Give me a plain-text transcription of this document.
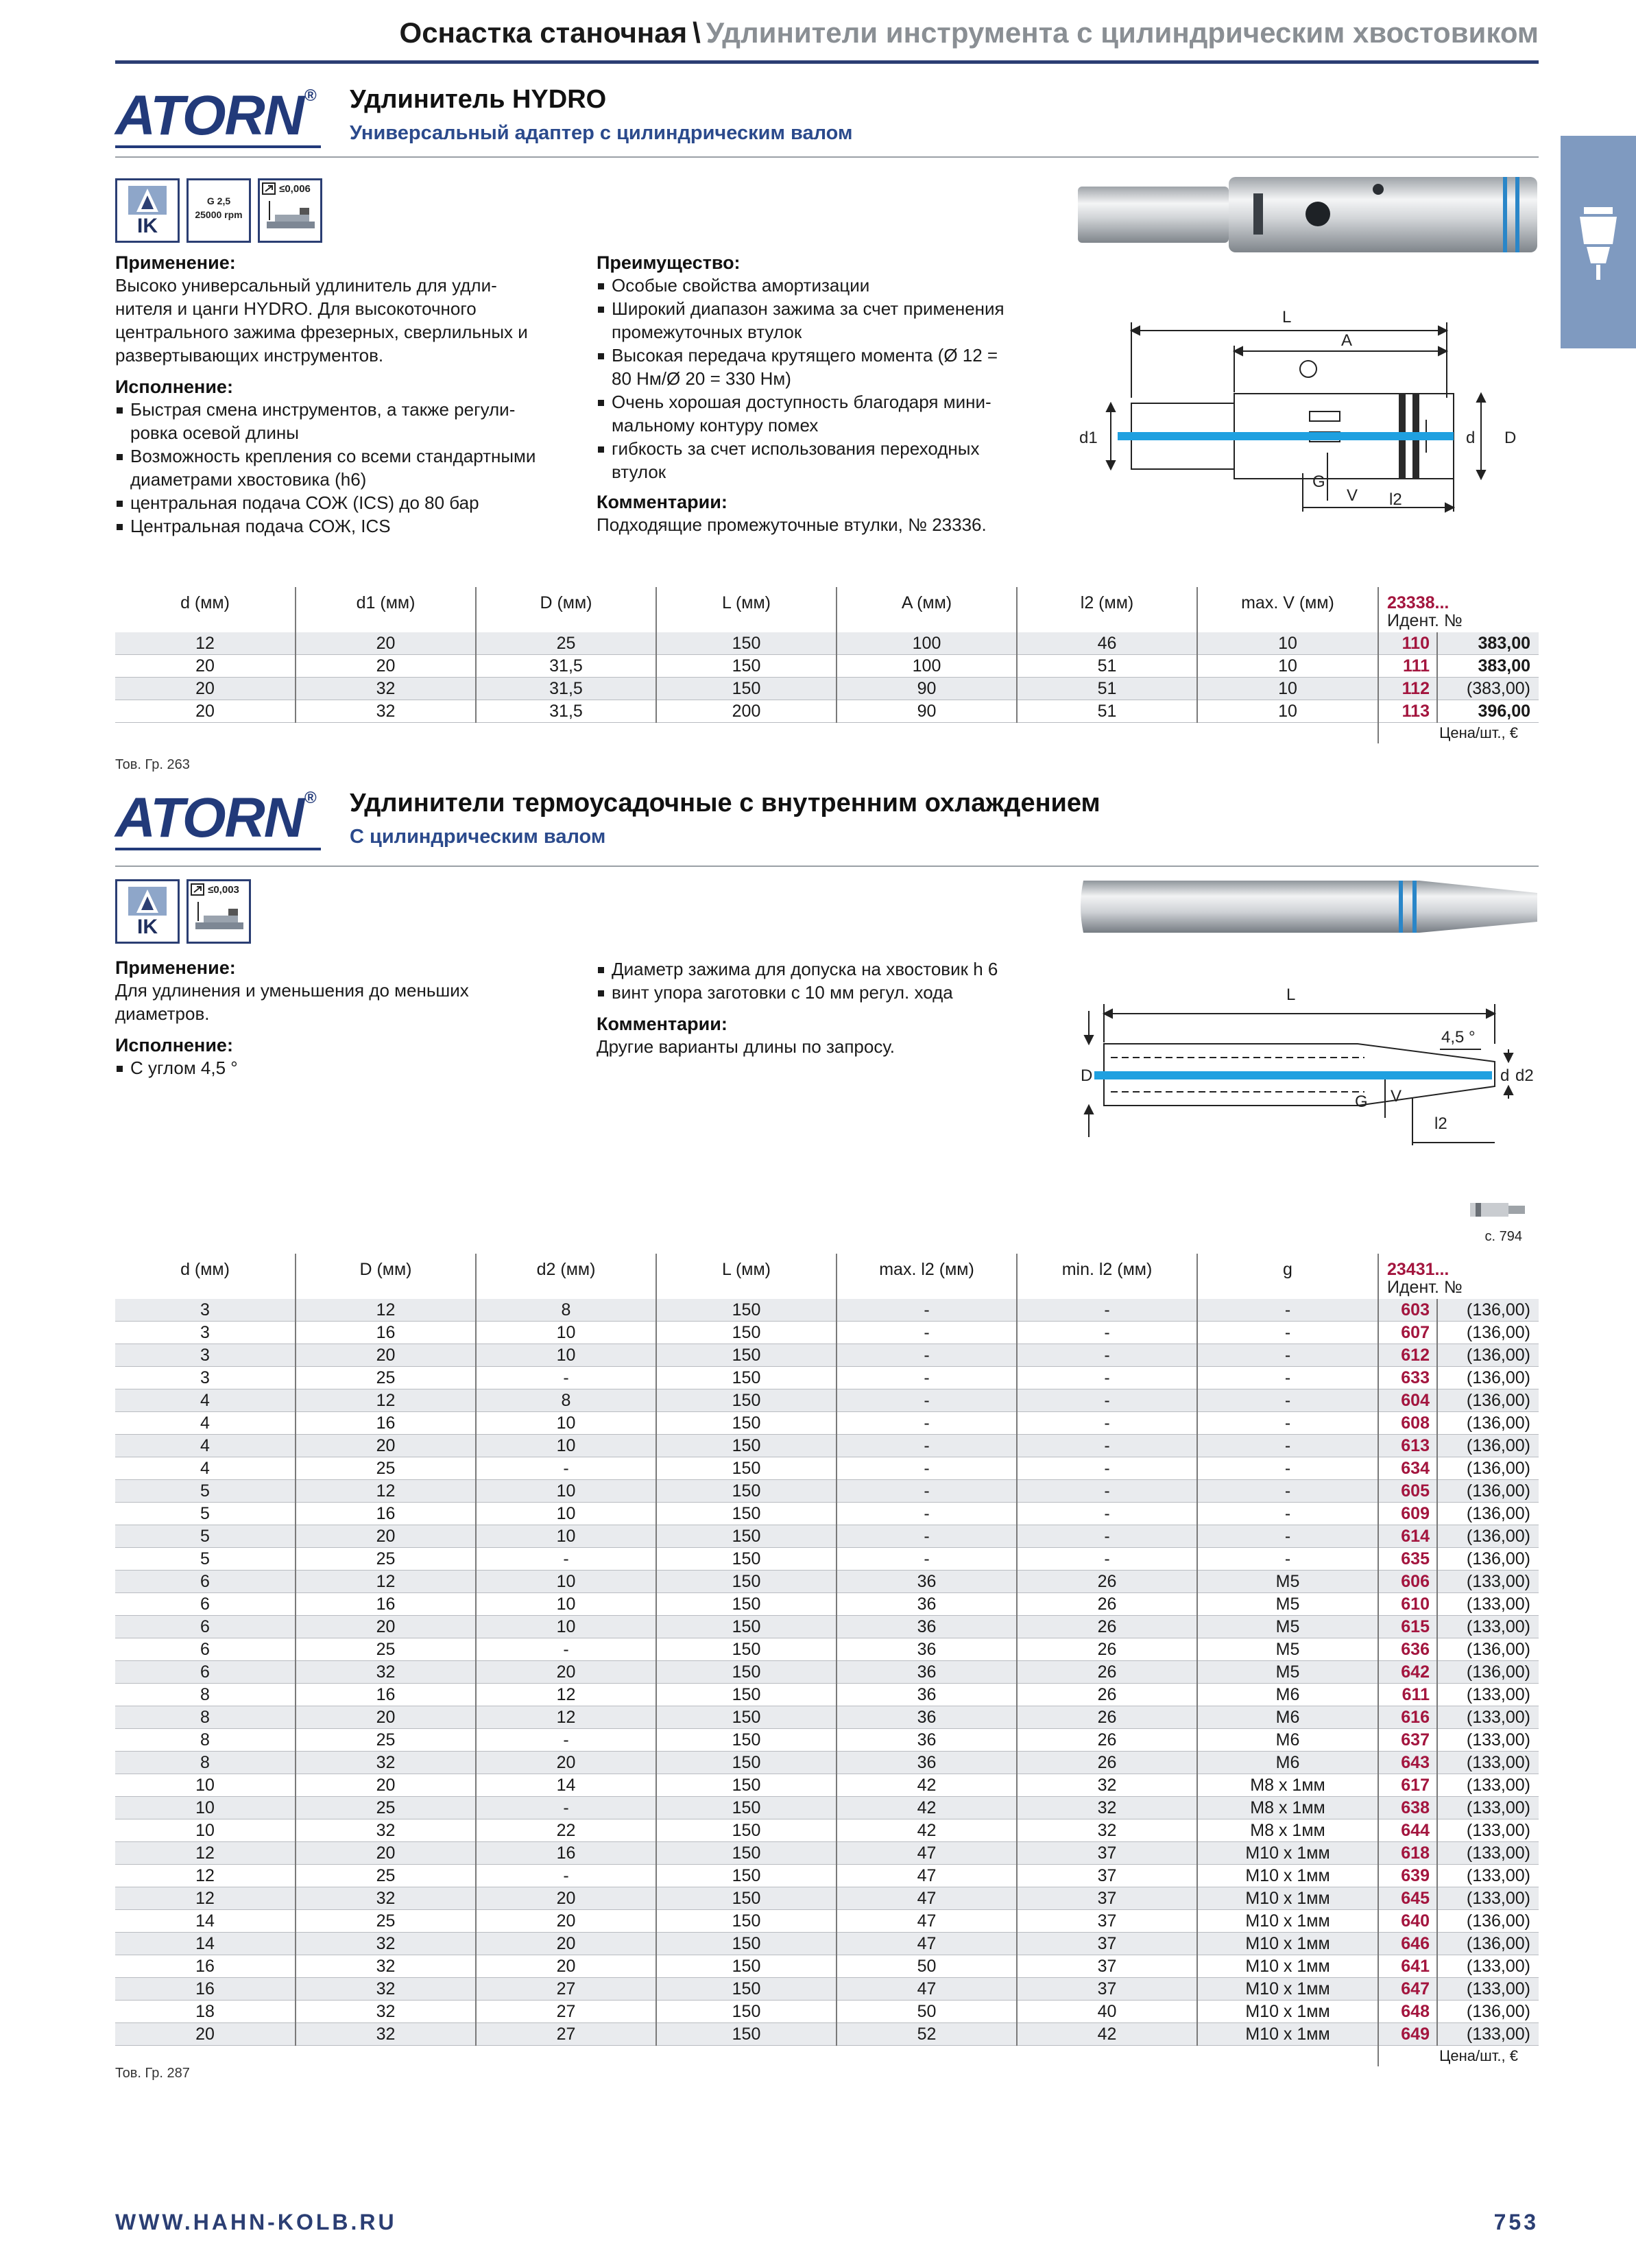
Оснастка станочная \ Удлинители инструмента с цилиндрическим хвостовиком
ATORN®	Удлинитель HYDRO
Универсальный адаптер с цилиндрическим валом
IK
G 2,5
25000 rpm
≤0,006
Применение:
Высоко универсальный удлинитель для удли-
нителя и цанги HYDRO. Для высокоточного
центрального зажима фрезерных, сверлильных и
развертывающих инструментов.
Исполнение:
Быстрая смена инструментов, а также регули-
ровка осевой длины
Возможность крепления со всеми стандартными
диаметрами хвостовика (h6)
центральная подача СОЖ (ICS) до 80 бар
Центральная подача СОЖ, ICS
Преимущество:
Особые свойства амортизации
Широкий диапазон зажима за счет применения
промежуточных втулок
Высокая передача крутящего момента (Ø 12 =
80 Нм/Ø 20 = 330 Нм)
Очень хорошая доступность благодаря мини-
мальному контуру помех
гибкость за счет использования переходных
втулок
Комментарии:
Подходящие промежуточные втулки, № 23336.
L
A
d1	d D
G
V l2
d (мм)	d1 (мм)	D (мм)	L (мм)	A (мм)	l2 (мм)	max. V (мм)	23338...
Идент. №	

12	20	25	150	100	46	10	110	383,00
20	20	31,5	150	100	51	10	111	383,00
20	32	31,5	150	90	51	10	112	(383,00)
20	32	31,5	200	90	51	10	113	396,00
							Цена/шт., €	
Тов. Гр. 263
ATORN®	Удлинители термоусадочные с внутренним охлаждением
С цилиндрическим валом
IK
≤0,003
Применение:
Для удлинения и уменьшения до меньших
диаметров.
Исполнение:
С углом 4,5 °
Диаметр зажима для допуска на хвостовик h 6
винт упора заготовки с 10 мм регул. хода
Комментарии:
Другие варианты длины по запросу.
L
4,5 °
D	d d2
G V
l2
с. 794
d (мм)	D (мм)	d2 (мм)	L (мм)	max. l2 (мм)	min. l2 (мм)	g	23431...
Идент. №	

3	12	8	150	-	-	-	603	(136,00)
3	16	10	150	-	-	-	607	(136,00)
3	20	10	150	-	-	-	612	(136,00)
3	25	-	150	-	-	-	633	(136,00)
4	12	8	150	-	-	-	604	(136,00)
4	16	10	150	-	-	-	608	(136,00)
4	20	10	150	-	-	-	613	(136,00)
4	25	-	150	-	-	-	634	(136,00)
5	12	10	150	-	-	-	605	(136,00)
5	16	10	150	-	-	-	609	(136,00)
5	20	10	150	-	-	-	614	(136,00)
5	25	-	150	-	-	-	635	(136,00)
6	12	10	150	36	26	M5	606	(133,00)
6	16	10	150	36	26	M5	610	(133,00)
6	20	10	150	36	26	M5	615	(133,00)
6	25	-	150	36	26	M5	636	(136,00)
6	32	20	150	36	26	M5	642	(136,00)
8	16	12	150	36	26	M6	611	(133,00)
8	20	12	150	36	26	M6	616	(133,00)
8	25	-	150	36	26	M6	637	(133,00)
8	32	20	150	36	26	M6	643	(133,00)
10	20	14	150	42	32	M8 x 1мм	617	(133,00)
10	25	-	150	42	32	M8 x 1мм	638	(133,00)
10	32	22	150	42	32	M8 x 1мм	644	(133,00)
12	20	16	150	47	37	M10 x 1мм	618	(133,00)
12	25	-	150	47	37	M10 x 1мм	639	(133,00)
12	32	20	150	47	37	M10 x 1мм	645	(133,00)
14	25	20	150	47	37	M10 x 1мм	640	(136,00)
14	32	20	150	47	37	M10 x 1мм	646	(136,00)
16	32	20	150	50	37	M10 x 1мм	641	(133,00)
16	32	27	150	47	37	M10 x 1мм	647	(133,00)
18	32	27	150	50	40	M10 x 1мм	648	(136,00)
20	32	27	150	52	42	M10 x 1мм	649	(133,00)
							Цена/шт., €	
Тов. Гр. 287
WWW.HAHN-KOLB.RU	753
